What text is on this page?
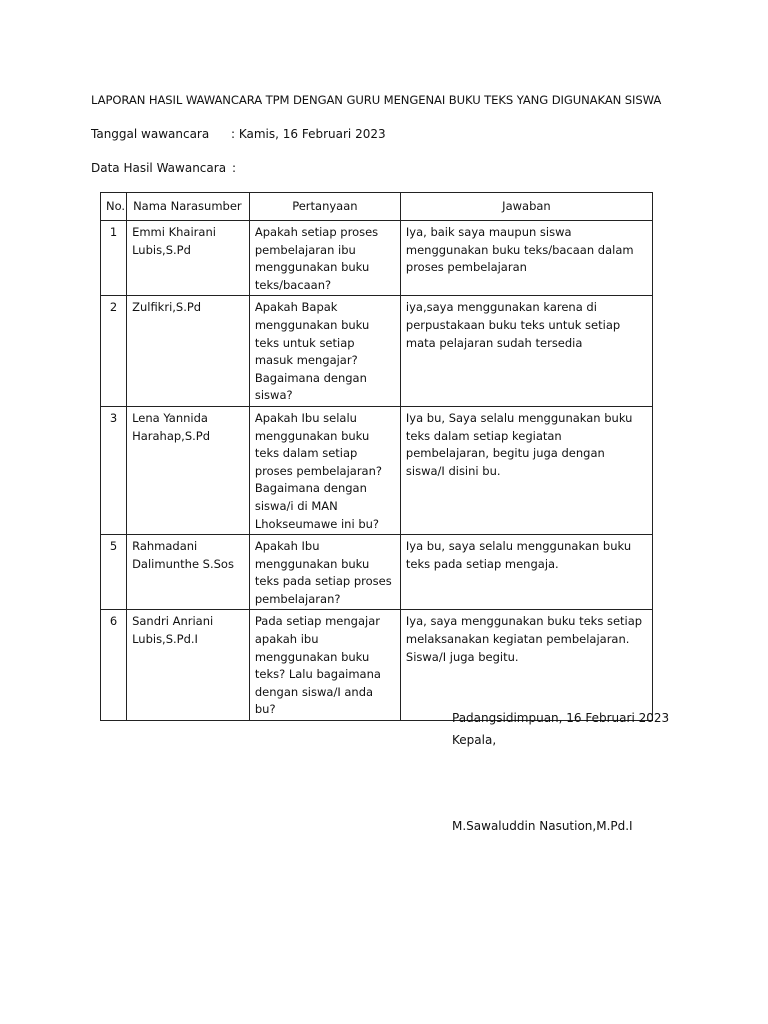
LAPORAN HASIL WAWANCARA TPM DENGAN GURU MENGENAI BUKU TEKS YANG DIGUNAKAN SISWA
Tanggal wawancara : Kamis, 16 Februari 2023
Data Hasil Wawancara :
No.	Nama Narasumber	Pertanyaan	Jawaban
1	Emmi Khairani Lubis,S.Pd	Apakah setiap proses pembelajaran ibu menggunakan buku teks/bacaan?	Iya, baik saya maupun siswa menggunakan buku teks/bacaan dalam proses pembelajaran
2	Zulfikri,S.Pd	Apakah Bapak menggunakan buku teks untuk setiap masuk mengajar? Bagaimana dengan siswa?	iya,saya menggunakan karena di perpustakaan buku teks untuk setiap mata pelajaran sudah tersedia
3	Lena Yannida Harahap,S.Pd	Apakah Ibu selalu menggunakan buku teks dalam setiap proses pembelajaran? Bagaimana dengan siswa/i di MAN Lhokseumawe ini bu?	Iya bu, Saya selalu menggunakan buku teks dalam setiap kegiatan pembelajaran, begitu juga dengan siswa/I disini bu.
5	Rahmadani Dalimunthe S.Sos	Apakah Ibu menggunakan buku teks pada setiap proses pembelajaran?	Iya bu, saya selalu menggunakan buku teks pada setiap mengaja.
6	Sandri Anriani Lubis,S.Pd.I	Pada setiap mengajar apakah ibu menggunakan buku teks? Lalu bagaimana dengan siswa/I anda bu?	Iya, saya menggunakan buku teks setiap melaksanakan kegiatan pembelajaran. Siswa/I juga begitu.
Padangsidimpuan, 16 Februari 2023
Kepala,
M.Sawaluddin Nasution,M.Pd.I
